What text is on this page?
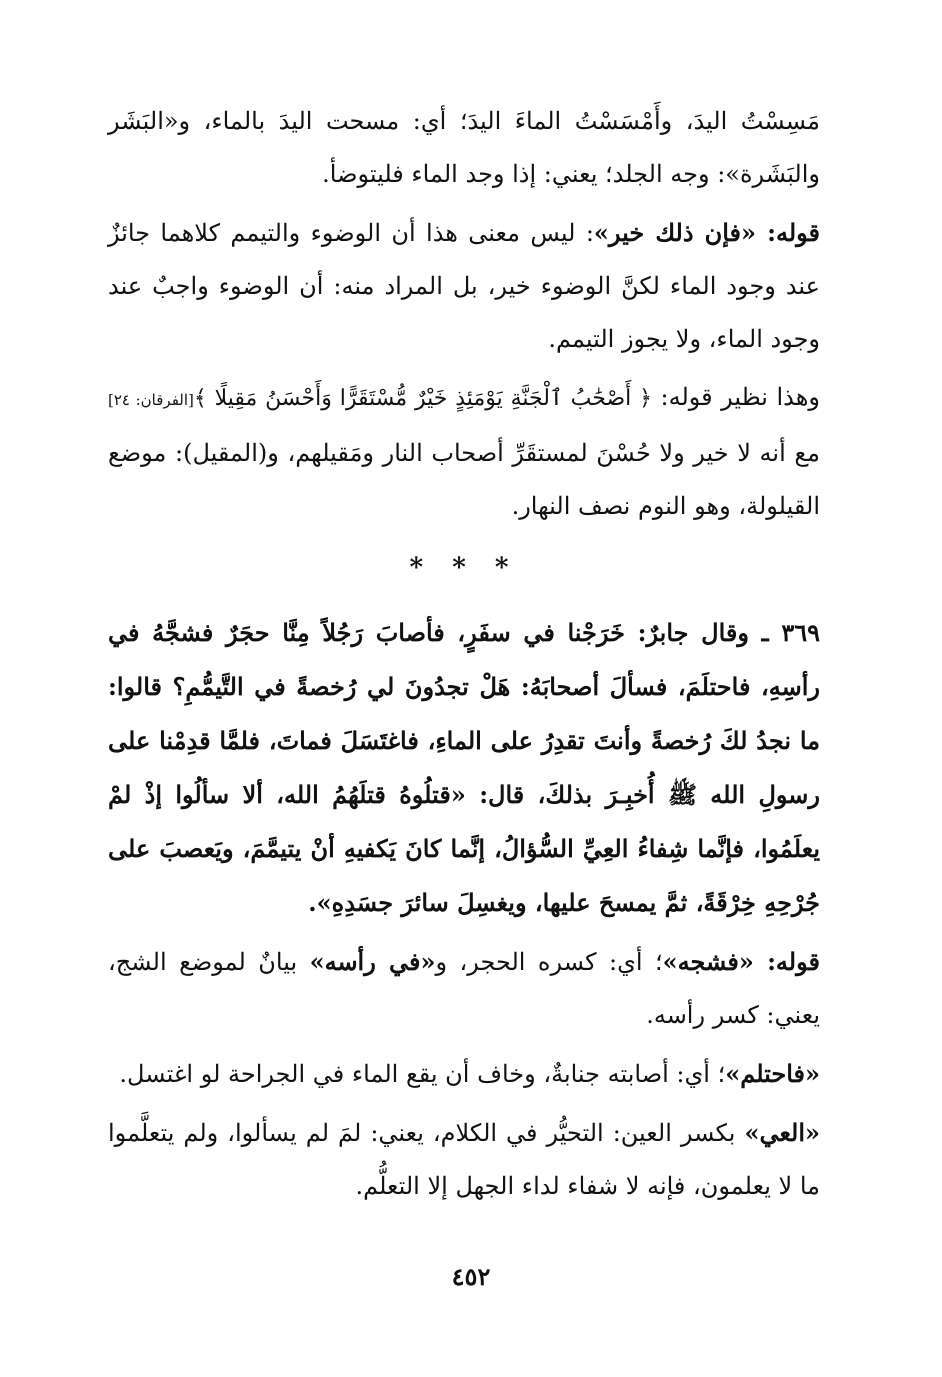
مَسِسْتُ اليدَ، وأَمْسَسْتُ الماءَ اليدَ؛ أي: مسحت اليدَ بالماء، و«البَشَر والبَشَرة»: وجه الجلد؛ يعني: إذا وجد الماء فليتوضأ.

قوله: «فإن ذلك خير»: ليس معنى هذا أن الوضوء والتيمم كلاهما جائزٌ عند وجود الماء لكنَّ الوضوء خير، بل المراد منه: أن الوضوء واجبٌ عند وجود الماء، ولا يجوز التيمم.

وهذا نظير قوله: ﴿ أَصْحَٰبُ ٱلْجَنَّةِ يَوْمَئِذٍ خَيْرٌ مُّسْتَقَرًّا وَأَحْسَنُ مَقِيلًا ﴾[الفرقان: ٢٤] مع أنه لا خير ولا حُسْنَ لمستقَرِّ أصحاب النار ومَقيلهم، و(المقيل): موضع القيلولة، وهو النوم نصف النهار.

* * *

٣٦٩ ـ وقال جابرٌ: خَرَجْنا في سفَرٍ، فأصابَ رَجُلاً مِنَّا حجَرٌ فشجَّهُ في رأسِهِ، فاحتلَمَ، فسألَ أصحابَهُ: هَلْ تجدُونَ لي رُخصةً في التَّيمُّمِ؟ قالوا: ما نجدُ لكَ رُخصةً وأنتَ تقدِرُ على الماءِ، فاغتَسَلَ فماتَ، فلمَّا قدِمْنا على رسولِ الله ﷺ أُخبِـرَ بذلكَ، قال: «قتلُوهُ قتلَهُمُ الله، ألا سألُوا إذْ لمْ يعلَمُوا، فإنَّما شِفاءُ العِيِّ السُّؤالُ، إنَّما كانَ يَكفيهِ أنْ يتيمَّمَ، ويَعصبَ على جُرْحِهِ خِرْقَةً، ثمَّ يمسحَ عليها، ويغسِلَ سائرَ جسَدِهِ».

قوله: «فشجه»؛ أي: كسره الحجر، و«في رأسه» بيانٌ لموضع الشج، يعني: كسر رأسه.

«فاحتلم»؛ أي: أصابته جنابةٌ، وخاف أن يقع الماء في الجراحة لو اغتسل.

«العي» بكسر العين: التحيُّر في الكلام، يعني: لمَ لم يسألوا، ولم يتعلَّموا ما لا يعلمون، فإنه لا شفاء لداء الجهل إلا التعلُّم.

٤٥٢
